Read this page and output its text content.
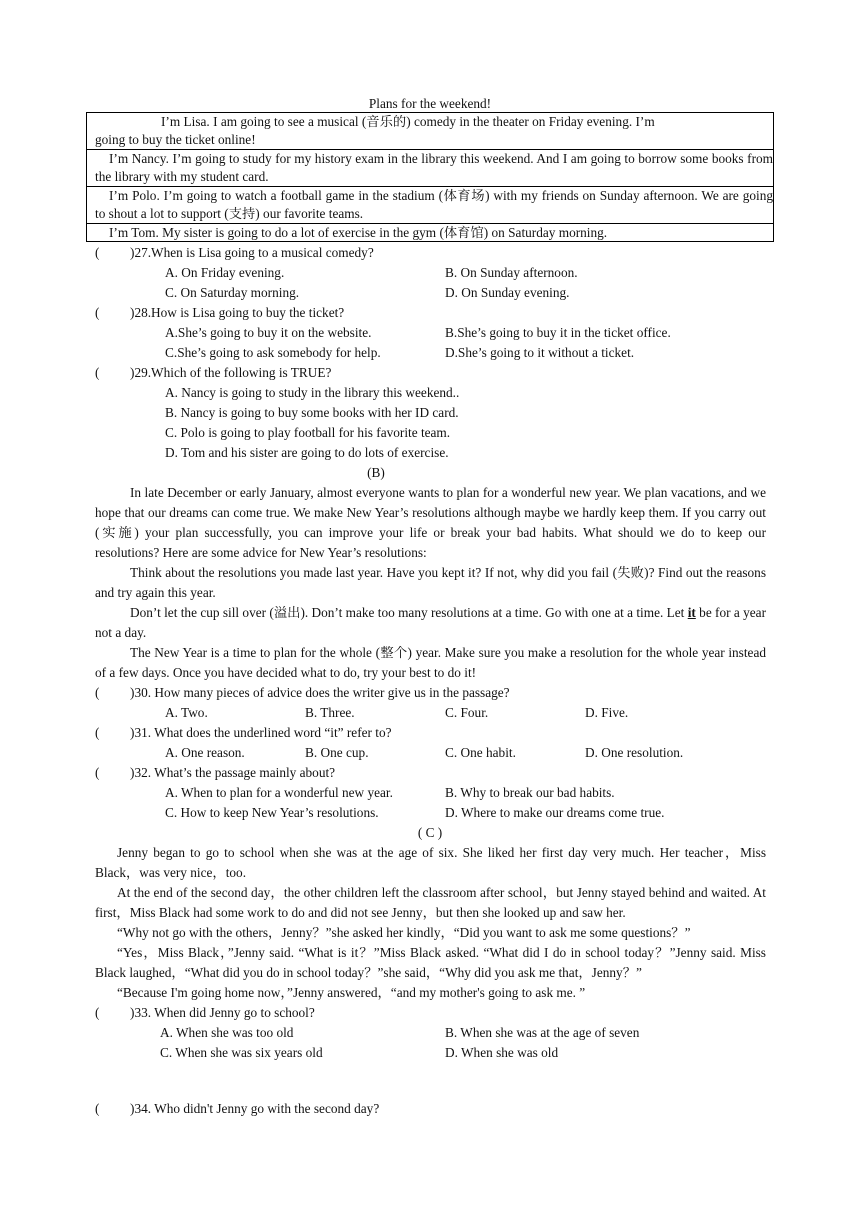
Plans for the weekend!

I’m Lisa. I am going to see a musical (音乐的) comedy in the theater on Friday evening. I’m

going to buy the ticket online!

I’m Nancy. I’m going to study for my history exam in the library this weekend. And I am going to borrow some books from the library with my student card.

I’m Polo. I’m going to watch a football game in the stadium (体育场) with my friends on Sunday afternoon. We are going to shout a lot to support (支持) our favorite teams.

I’m Tom. My sister is going to do a lot of exercise in the gym (体育馆) on Saturday morning.

( )27.When is Lisa going to a musical comedy?
A. On Friday evening.	B. On Sunday afternoon.
C. On Saturday morning.	D. On Sunday evening.
( )28.How is Lisa going to buy the ticket?
A.She’s going to buy it on the website.	B.She’s going to buy it in the ticket office.
C.She’s going to ask somebody for help.	D.She’s going to it without a ticket.
( )29.Which of the following is TRUE?
A. Nancy is going to study in the library this weekend..
B. Nancy is going to buy some books with her ID card.
C. Polo is going to play football for his favorite team.
D. Tom and his sister are going to do lots of exercise.
(B)
In late December or early January, almost everyone wants to plan for a wonderful new year. We plan vacations, and we hope that our dreams can come true. We make New Year’s resolutions although maybe we hardly keep them. If you carry out (实施) your plan successfully, you can improve your life or break your bad habits. What should we do to keep our resolutions? Here are some advice for New Year’s resolutions:
Think about the resolutions you made last year. Have you kept it? If not, why did you fail (失败)? Find out the reasons and try again this year.
Don’t let the cup sill over (溢出). Don’t make too many resolutions at a time. Go with one at a time. Let it be for a year not a day.
The New Year is a time to plan for the whole (整个) year. Make sure you make a resolution for the whole year instead of a few days. Once you have decided what to do, try your best to do it!
( )30. How many pieces of advice does the writer give us in the passage?
A. Two.	B. Three.	C. Four.	D. Five.
( )31. What does the underlined word “it” refer to?
A. One reason.	B. One cup.	C. One habit.	D. One resolution.
( )32. What’s the passage mainly about?
A. When to plan for a wonderful new year.	B. Why to break our bad habits.
C. How to keep New Year’s resolutions.	D. Where to make our dreams come true.
( C )
Jenny began to go to school when she was at the age of six. She liked her first day very much. Her teacher，Miss Black，was very nice，too.
At the end of the second day，the other children left the classroom after school，but Jenny stayed behind and waited. At first，Miss Black had some work to do and did not see Jenny，but then she looked up and saw her.
“Why not go with the others，Jenny？”she asked her kindly，“Did you want to ask me some questions？”
“Yes，Miss Black，”Jenny said. “What is it？”Miss Black asked. “What did I do in school today？”Jenny said. Miss Black laughed，“What did you do in school today？”she said，“Why did you ask me that，Jenny？”
“Because I'm going home now，”Jenny answered，“and my mother's going to ask me. ”
( )33. When did Jenny go to school?
A. When she was too old	B. When she was at the age of seven
C. When she was six years old	D. When she was old
( )34. Who didn't Jenny go with the second day?
